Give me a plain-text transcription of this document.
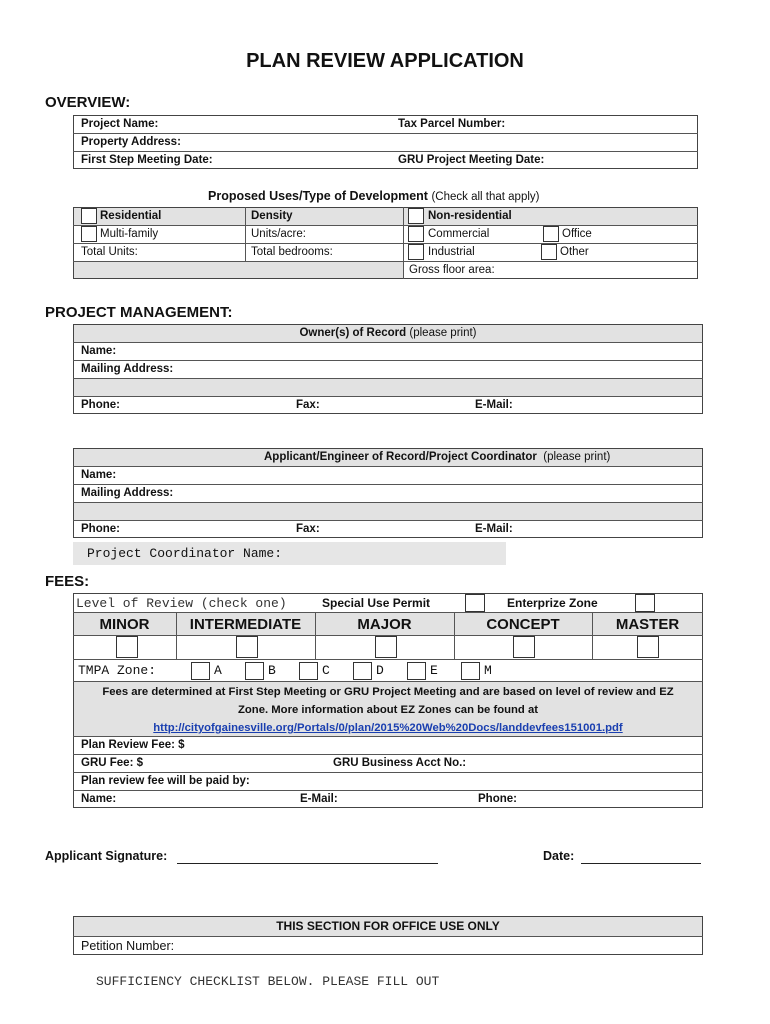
PLAN REVIEW APPLICATION
OVERVIEW:
Project Name:	Tax Parcel Number:
Property Address:
First Step Meeting Date:	GRU Project Meeting Date:
Proposed Uses/Type of Development (Check all that apply)
Residential	Density	Non-residential
Multi-family	Units/acre:	Commercial	Office
Total Units:	Total bedrooms:	Industrial	Other
Gross floor area:
PROJECT MANAGEMENT:
Owner(s) of Record (please print)
Name:
Mailing Address:
Phone:	Fax:	E-Mail:
Applicant/Engineer of Record/Project Coordinator (please print)
Name:
Mailing Address:
Phone:	Fax:	E-Mail:
Project Coordinator Name:
FEES:
Level of Review (check one)	Special Use Permit	Enterprize Zone
MINOR	INTERMEDIATE	MAJOR	CONCEPT	MASTER
TMPA Zone:	A	B	C	D	E	M
Fees are determined at First Step Meeting or GRU Project Meeting and are based on level of review and EZ
Zone. More information about EZ Zones can be found at
http://cityofgainesville.org/Portals/0/plan/2015%20Web%20Docs/landdevfees151001.pdf
Plan Review Fee: $
GRU Fee: $	GRU Business Acct No.:
Plan review fee will be paid by:
Name:	E-Mail:	Phone:
Applicant Signature:	Date:
THIS SECTION FOR OFFICE USE ONLY
Petition Number:
SUFFICIENCY CHECKLIST BELOW. PLEASE FILL OUT
